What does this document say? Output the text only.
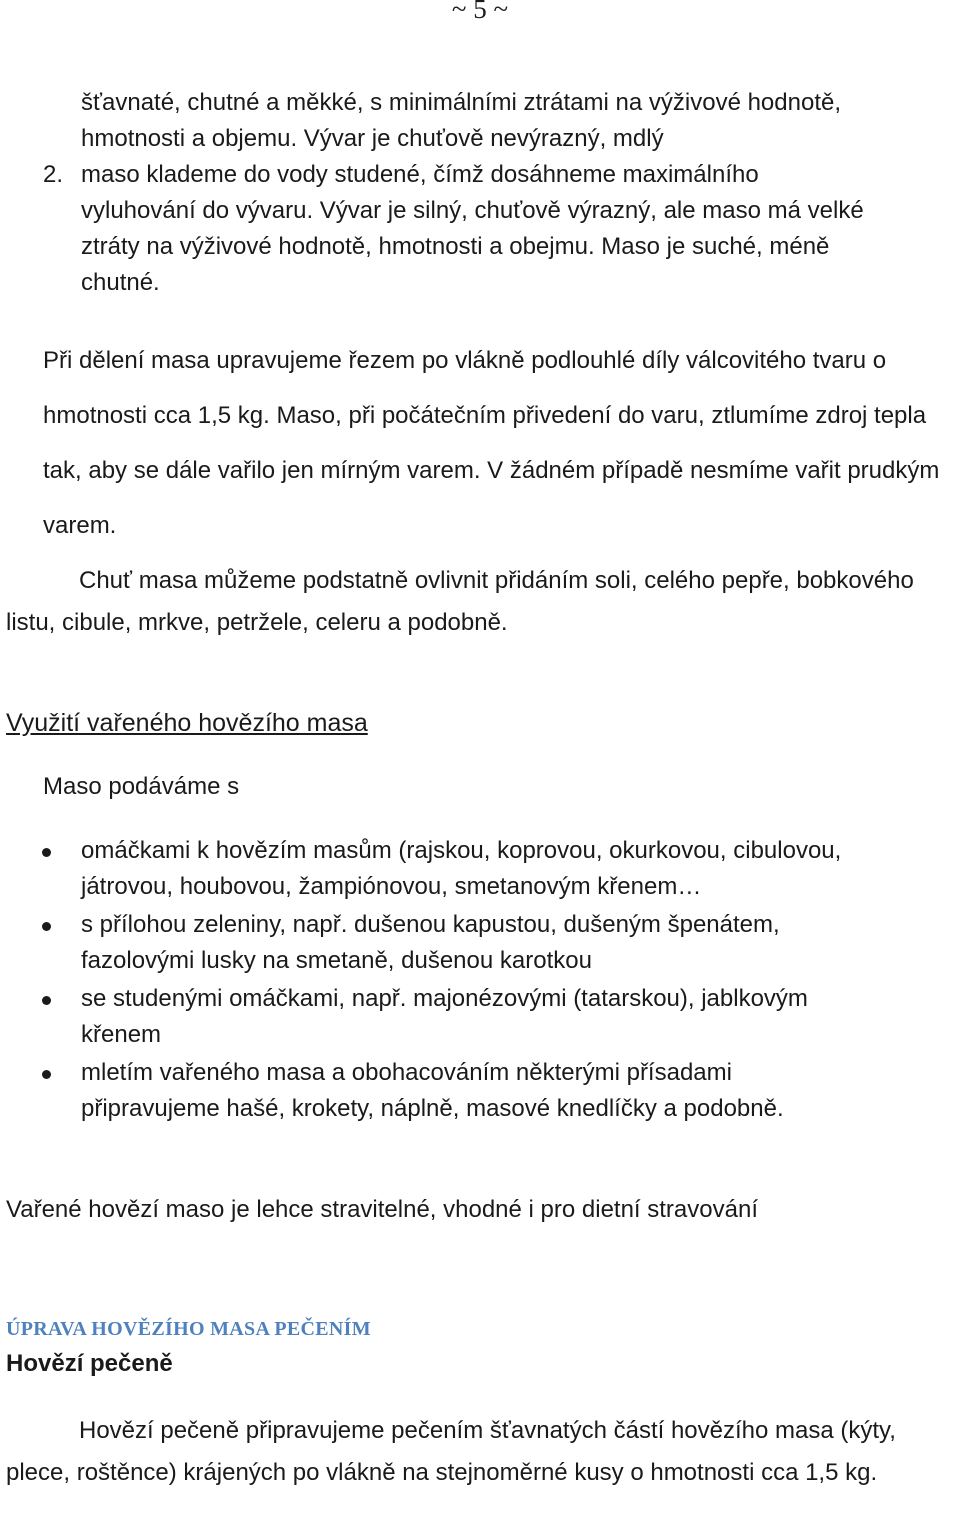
~ 5 ~
šťavnaté, chutné a měkké, s minimálními ztrátami na výživové hodnotě,
hmotnosti a objemu. Vývar je chuťově nevýrazný, mdlý
2. maso klademe do vody studené, čímž dosáhneme maximálního
vyluhování do vývaru. Vývar je silný, chuťově výrazný, ale maso má velké
ztráty na výživové hodnotě, hmotnosti a obejmu. Maso je suché, méně
chutné.

Při dělení masa upravujeme řezem po vlákně podlouhlé díly válcovitého tvaru o hmotnosti cca 1,5 kg. Maso, při počátečním přivedení do varu, ztlumíme zdroj tepla tak, aby se dále vařilo jen mírným varem. V žádném případě nesmíme vařit prudkým varem.

Chuť masa můžeme podstatně ovlivnit přidáním soli, celého pepře, bobkového listu, cibule, mrkve, petržele, celeru a podobně.

Využití vařeného hovězího masa
Maso podáváme s
omáčkami k hovězím masům (rajskou, koprovou, okurkovou, cibulovou,
játrovou, houbovou, žampiónovou, smetanovým křenem…
s přílohou zeleniny, např. dušenou kapustou, dušeným špenátem,
fazolovými lusky na smetaně, dušenou karotkou
se studenými omáčkami, např. majonézovými (tatarskou), jablkovým
křenem
mletím vařeného masa a obohacováním některými přísadami
připravujeme hašé, krokety, náplně, masové knedlíčky a podobně.
Vařené hovězí maso je lehce stravitelné, vhodné i pro dietní stravování
ÚPRAVA HOVĚZÍHO MASA PEČENÍM
Hovězí pečeně

Hovězí pečeně připravujeme pečením šťavnatých částí hovězího masa (kýty, plece, roštěnce) krájených po vlákně na stejnoměrné kusy o hmotnosti cca 1,5 kg.
